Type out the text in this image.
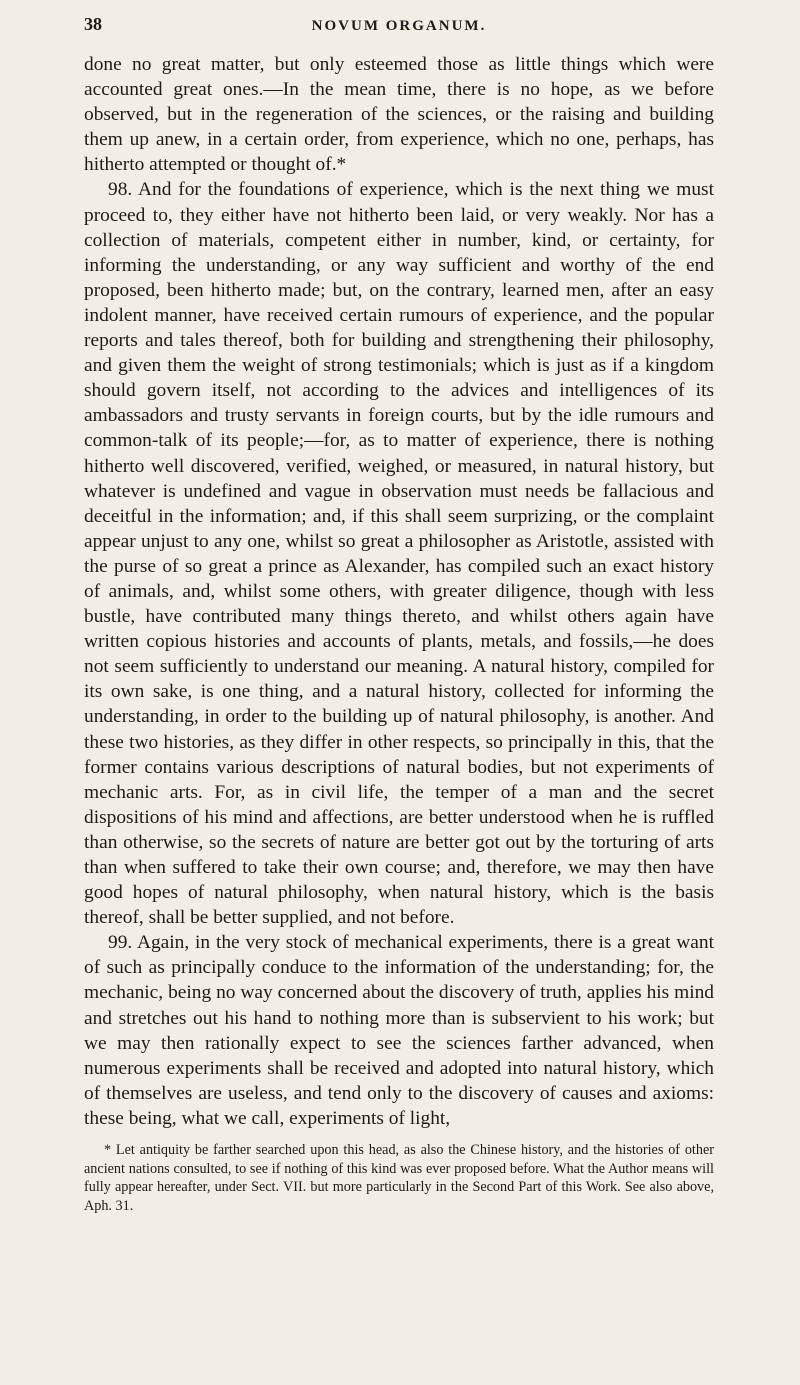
38	NOVUM ORGANUM.

done no great matter, but only esteemed those as little things which were accounted great ones.—In the mean time, there is no hope, as we before observed, but in the regeneration of the sciences, or the raising and building them up anew, in a certain order, from experience, which no one, perhaps, has hitherto attempted or thought of.*

98. And for the foundations of experience, which is the next thing we must proceed to, they either have not hitherto been laid, or very weakly. Nor has a collection of materials, competent either in number, kind, or certainty, for informing the understanding, or any way sufficient and worthy of the end proposed, been hitherto made; but, on the contrary, learned men, after an easy indolent manner, have received certain rumours of experience, and the popular reports and tales thereof, both for building and strengthening their philosophy, and given them the weight of strong testimonials; which is just as if a kingdom should govern itself, not according to the advices and intelligences of its ambassadors and trusty servants in foreign courts, but by the idle rumours and common-talk of its people;—for, as to matter of experience, there is nothing hitherto well discovered, verified, weighed, or measured, in natural history, but whatever is undefined and vague in observation must needs be fallacious and deceitful in the information; and, if this shall seem surprizing, or the complaint appear unjust to any one, whilst so great a philosopher as Aristotle, assisted with the purse of so great a prince as Alexander, has compiled such an exact history of animals, and, whilst some others, with greater diligence, though with less bustle, have contributed many things thereto, and whilst others again have written copious histories and accounts of plants, metals, and fossils,—he does not seem sufficiently to understand our meaning. A natural history, compiled for its own sake, is one thing, and a natural history, collected for informing the understanding, in order to the building up of natural philosophy, is another. And these two histories, as they differ in other respects, so principally in this, that the former contains various descriptions of natural bodies, but not experiments of mechanic arts. For, as in civil life, the temper of a man and the secret dispositions of his mind and affections, are better understood when he is ruffled than otherwise, so the secrets of nature are better got out by the torturing of arts than when suffered to take their own course; and, therefore, we may then have good hopes of natural philosophy, when natural history, which is the basis thereof, shall be better supplied, and not before.

99. Again, in the very stock of mechanical experiments, there is a great want of such as principally conduce to the information of the understanding; for, the mechanic, being no way concerned about the discovery of truth, applies his mind and stretches out his hand to nothing more than is subservient to his work; but we may then rationally expect to see the sciences farther advanced, when numerous experiments shall be received and adopted into natural history, which of themselves are useless, and tend only to the discovery of causes and axioms: these being, what we call, experiments of light,

* Let antiquity be farther searched upon this head, as also the Chinese history, and the histories of other ancient nations consulted, to see if nothing of this kind was ever proposed before. What the Author means will fully appear hereafter, under Sect. VII. but more particularly in the Second Part of this Work. See also above, Aph. 31.
